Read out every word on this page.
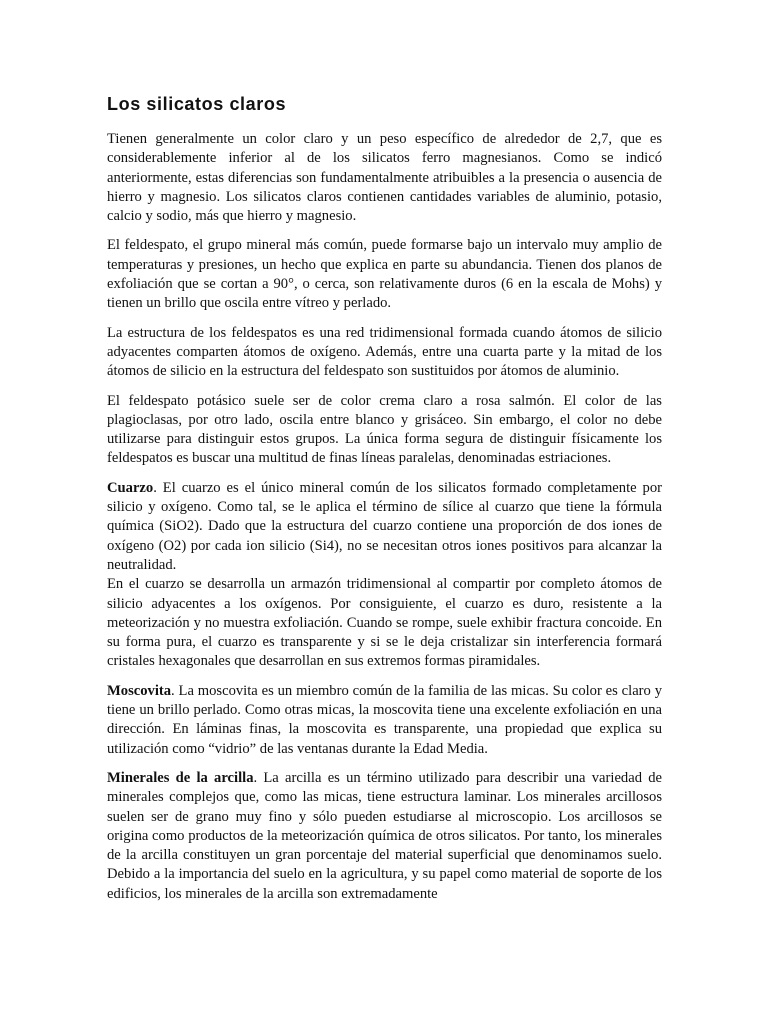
Los silicatos claros

Tienen generalmente un color claro y un peso específico de alrededor de 2,7, que es considerablemente inferior al de los silicatos ferro magnesianos. Como se indicó anteriormente, estas diferencias son fundamentalmente atribuibles a la presencia o ausencia de hierro y magnesio. Los silicatos claros contienen cantidades variables de aluminio, potasio, calcio y sodio, más que hierro y magnesio.

El feldespato, el grupo mineral más común, puede formarse bajo un intervalo muy amplio de temperaturas y presiones, un hecho que explica en parte su abundancia. Tienen dos planos de exfoliación que se cortan a 90°, o cerca, son relativamente duros (6 en la escala de Mohs) y tienen un brillo que oscila entre vítreo y perlado.

La estructura de los feldespatos es una red tridimensional formada cuando átomos de silicio adyacentes comparten átomos de oxígeno. Además, entre una cuarta parte y la mitad de los átomos de silicio en la estructura del feldespato son sustituidos por átomos de aluminio.

El feldespato potásico suele ser de color crema claro a rosa salmón. El color de las plagioclasas, por otro lado, oscila entre blanco y grisáceo. Sin embargo, el color no debe utilizarse para distinguir estos grupos. La única forma segura de distinguir físicamente los feldespatos es buscar una multitud de finas líneas paralelas, denominadas estriaciones.

Cuarzo. El cuarzo es el único mineral común de los silicatos formado completamente por silicio y oxígeno. Como tal, se le aplica el término de sílice al cuarzo que tiene la fórmula química (SiO2). Dado que la estructura del cuarzo contiene una proporción de dos iones de oxígeno (O2) por cada ion silicio (Si4), no se necesitan otros iones positivos para alcanzar la neutralidad.

En el cuarzo se desarrolla un armazón tridimensional al compartir por completo átomos de silicio adyacentes a los oxígenos. Por consiguiente, el cuarzo es duro, resistente a la meteorización y no muestra exfoliación. Cuando se rompe, suele exhibir fractura concoide. En su forma pura, el cuarzo es transparente y si se le deja cristalizar sin interferencia formará cristales hexagonales que desarrollan en sus extremos formas piramidales.

Moscovita. La moscovita es un miembro común de la familia de las micas. Su color es claro y tiene un brillo perlado. Como otras micas, la moscovita tiene una excelente exfoliación en una dirección. En láminas finas, la moscovita es transparente, una propiedad que explica su utilización como “vidrio” de las ventanas durante la Edad Media.

Minerales de la arcilla. La arcilla es un término utilizado para describir una variedad de minerales complejos que, como las micas, tiene estructura laminar. Los minerales arcillosos suelen ser de grano muy fino y sólo pueden estudiarse al microscopio. Los arcillosos se origina como productos de la meteorización química de otros silicatos. Por tanto, los minerales de la arcilla constituyen un gran porcentaje del material superficial que denominamos suelo. Debido a la importancia del suelo en la agricultura, y su papel como material de soporte de los edificios, los minerales de la arcilla son extremadamente
